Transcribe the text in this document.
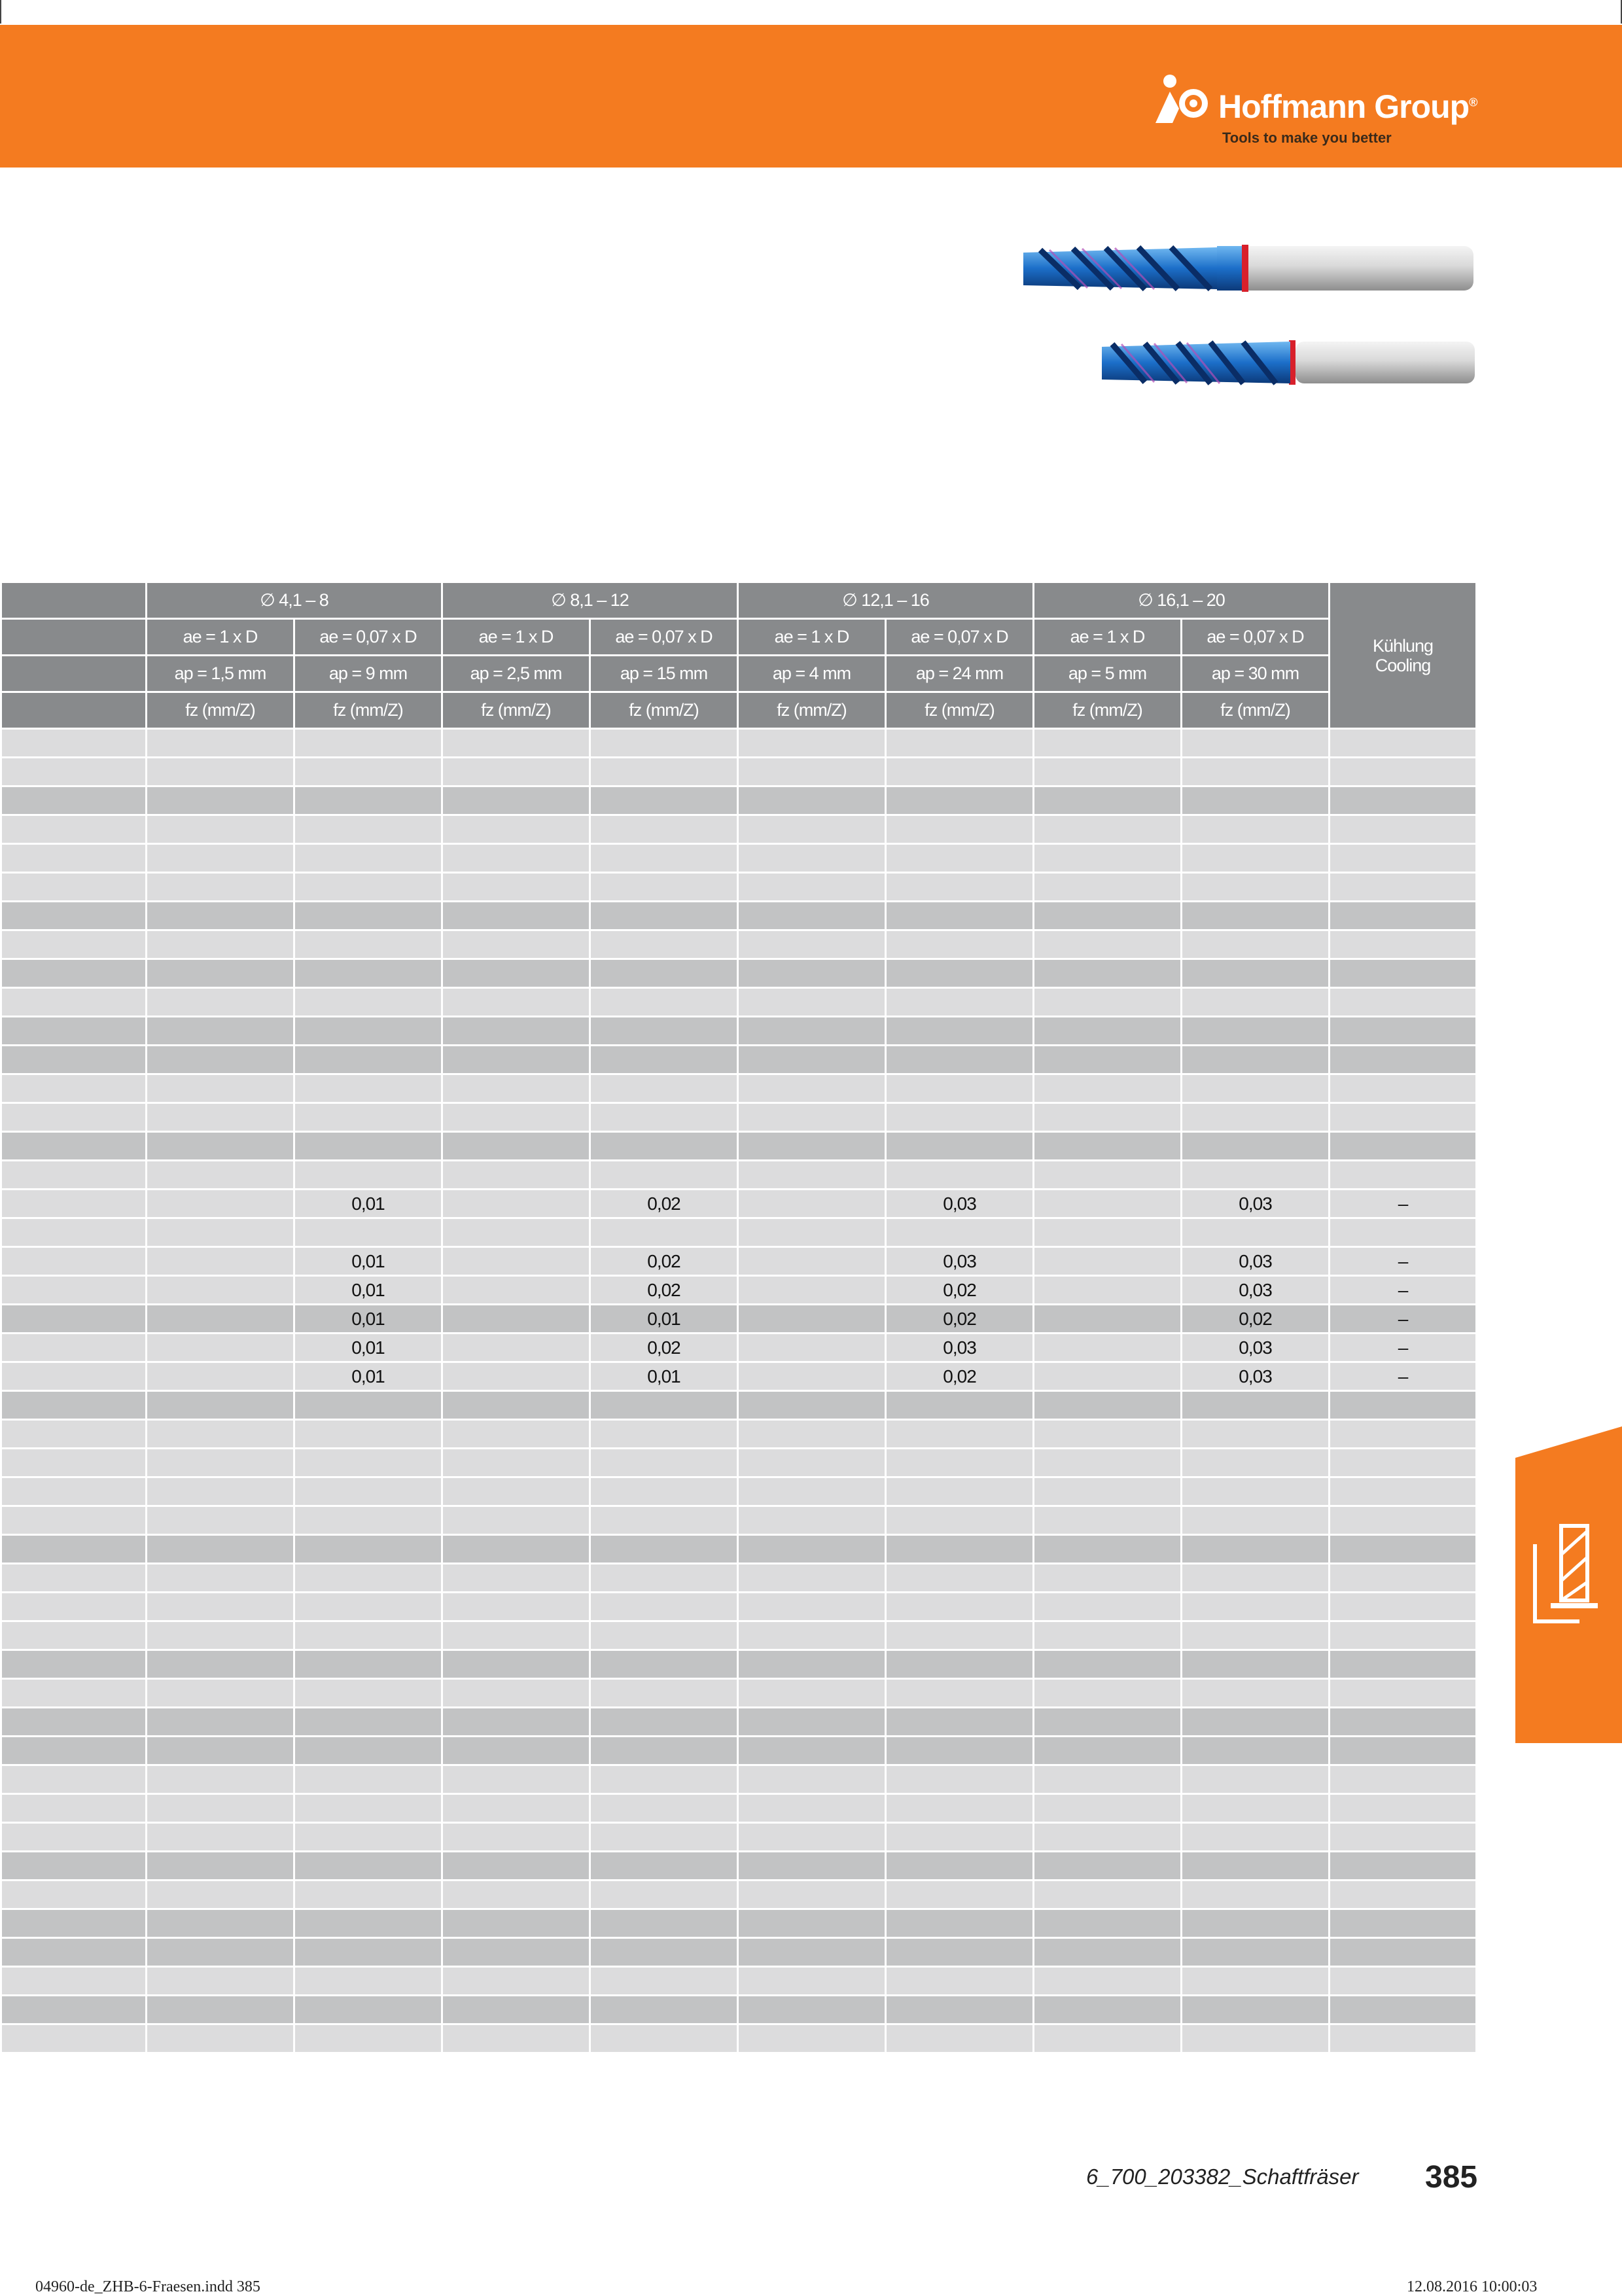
Hoffmann Group®
Tools to make you better
	∅ 4,1 – 8		∅ 8,1 – 12		∅ 12,1 – 16		∅ 16,1 – 20		Kühlung
Cooling
	ae = 1 x D	ae = 0,07 x D	ae = 1 x D	ae = 0,07 x D	ae = 1 x D	ae = 0,07 x D	ae = 1 x D	ae = 0,07 x D	
	ap = 1,5 mm	ap = 9 mm	ap = 2,5 mm	ap = 15 mm	ap = 4 mm	ap = 24 mm	ap = 5 mm	ap = 30 mm	
	fz (mm/Z)	fz (mm/Z)	fz (mm/Z)	fz (mm/Z)	fz (mm/Z)	fz (mm/Z)	fz (mm/Z)	fz (mm/Z)	

		0,01		0,02		0,03		0,03	–

		0,01		0,02		0,03		0,03	–
		0,01		0,02		0,02		0,03	–
		0,01		0,01		0,02		0,02	–
		0,01		0,02		0,03		0,03	–
		0,01		0,01		0,02		0,03	–

6_700_203382_Schaftfräser 385
04960-de_ZHB-6-Fraesen.indd 385	12.08.2016 10:00:03
